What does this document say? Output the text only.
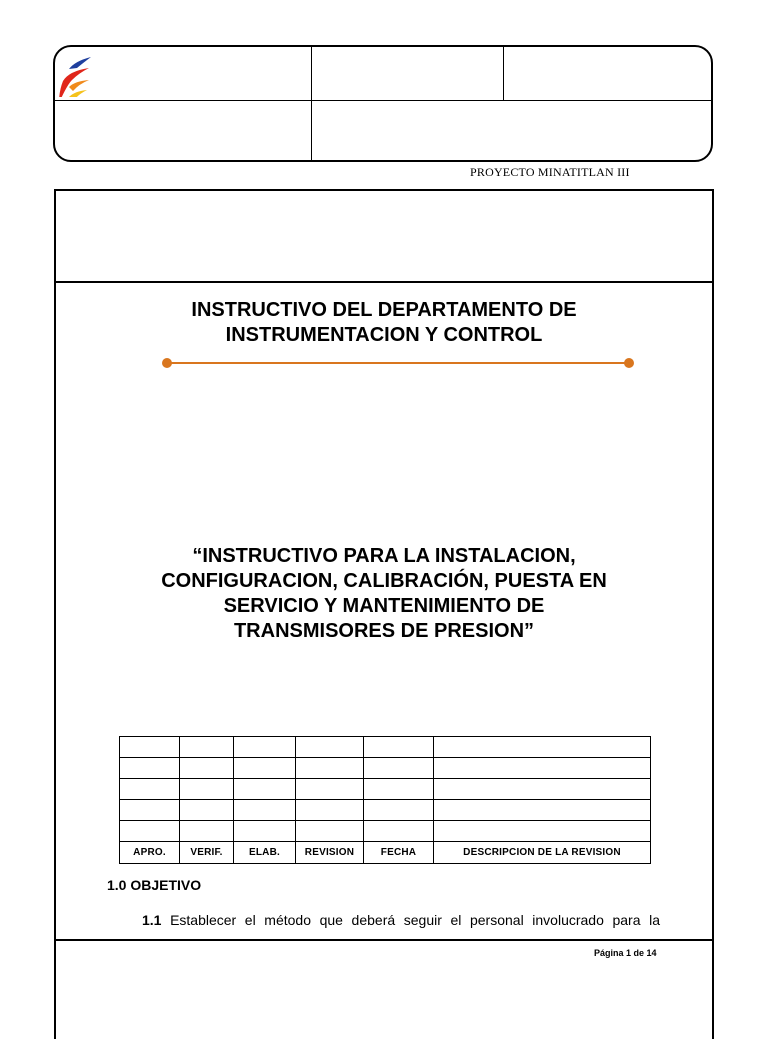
PROYECTO MINATITLAN III
INSTRUCTIVO DEL DEPARTAMENTO DE
INSTRUMENTACION Y CONTROL
“INSTRUCTIVO PARA LA INSTALACION,
CONFIGURACION, CALIBRACIÓN, PUESTA EN
SERVICIO Y MANTENIMIENTO DE
TRANSMISORES DE PRESION”

APRO.	VERIF.	ELAB.	REVISION	FECHA	DESCRIPCION DE LA REVISION
1.0 OBJETIVO
1.1 Establecer el método que deberá seguir el personal involucrado para la
Página 1 de 14
